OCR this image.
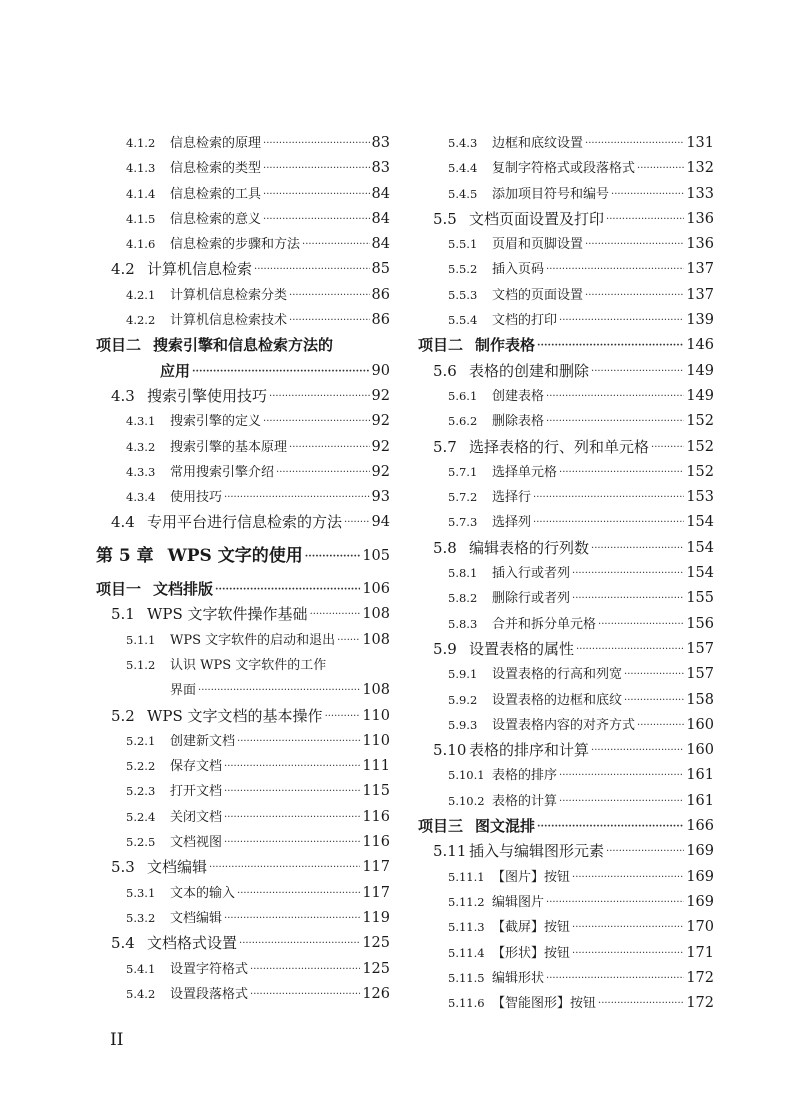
4.1.2	信息检索的原理 ·····	83
4.1.3	信息检索的类型 ·····	83
4.1.4	信息检索的工具 ·····	84
4.1.5	信息检索的意义 ·····	84
4.1.6	信息检索的步骤和方法 ·····	84
4.2 计算机信息检索 ·····	85
4.2.1	计算机信息检索分类 ·····	86
4.2.2	计算机信息检索技术 ·····	86
项目二 搜索引擎和信息检索方法的
应用 ·····	90
4.3 搜索引擎使用技巧 ·····	92
4.3.1	搜索引擎的定义 ·····	92
4.3.2	搜索引擎的基本原理 ·····	92
4.3.3	常用搜索引擎介绍 ·····	92
4.3.4	使用技巧 ·····	93
4.4 专用平台进行信息检索的方法 ····· 94
第 5 章 WPS 文字的使用 ·····	105
项目一 文档排版 ·····	106
5.1 WPS 文字软件操作基础 ·····	108
5.1.1	WPS 文字软件的启动和退出 ····· 108
5.1.2	认识 WPS 文字软件的工作
界面 ·····	108
5.2 WPS 文字文档的基本操作 ·····	110
5.2.1	创建新文档 ·····	110
5.2.2	保存文档 ·····	111
5.2.3	打开文档 ·····	115
5.2.4	关闭文档 ·····	116
5.2.5	文档视图 ·····	116
5.3 文档编辑 ·····	117
5.3.1	文本的输入 ·····	117
5.3.2	文档编辑 ·····	119
5.4 文档格式设置 ·····	125
5.4.1	设置字符格式 ·····	125
5.4.2	设置段落格式 ·····	126
5.4.3	边框和底纹设置 ·····	131
5.4.4	复制字符格式或段落格式 ·····	132
5.4.5	添加项目符号和编号 ·····	133
5.5 文档页面设置及打印 ·····	136
5.5.1	页眉和页脚设置 ·····	136
5.5.2	插入页码 ·····	137
5.5.3	文档的页面设置 ·····	137
5.5.4	文档的打印 ·····	139
项目二 制作表格 ·····	146
5.6 表格的创建和删除 ·····	149
5.6.1	创建表格 ·····	149
5.6.2	删除表格 ·····	152
5.7 选择表格的行、列和单元格 ·····	152
5.7.1	选择单元格 ·····	152
5.7.2	选择行 ·····	153
5.7.3	选择列 ·····	154
5.8 编辑表格的行列数 ·····	154
5.8.1	插入行或者列 ·····	154
5.8.2	删除行或者列 ·····	155
5.8.3	合并和拆分单元格 ·····	156
5.9 设置表格的属性 ·····	157
5.9.1	设置表格的行高和列宽 ·····	157
5.9.2	设置表格的边框和底纹 ·····	158
5.9.3	设置表格内容的对齐方式 ·····	160
5.10 表格的排序和计算 ·····	160
5.10.1 表格的排序 ·····	161
5.10.2 表格的计算 ·····	161
项目三 图文混排 ·····	166
5.11 插入与编辑图形元素 ·····	169
5.11.1 【图片】按钮 ·····	169
5.11.2 编辑图片 ·····	169
5.11.3 【截屏】按钮 ·····	170
5.11.4 【形状】按钮 ·····	171
5.11.5 编辑形状 ·····	172
5.11.6 【智能图形】按钮 ·····	172
II
